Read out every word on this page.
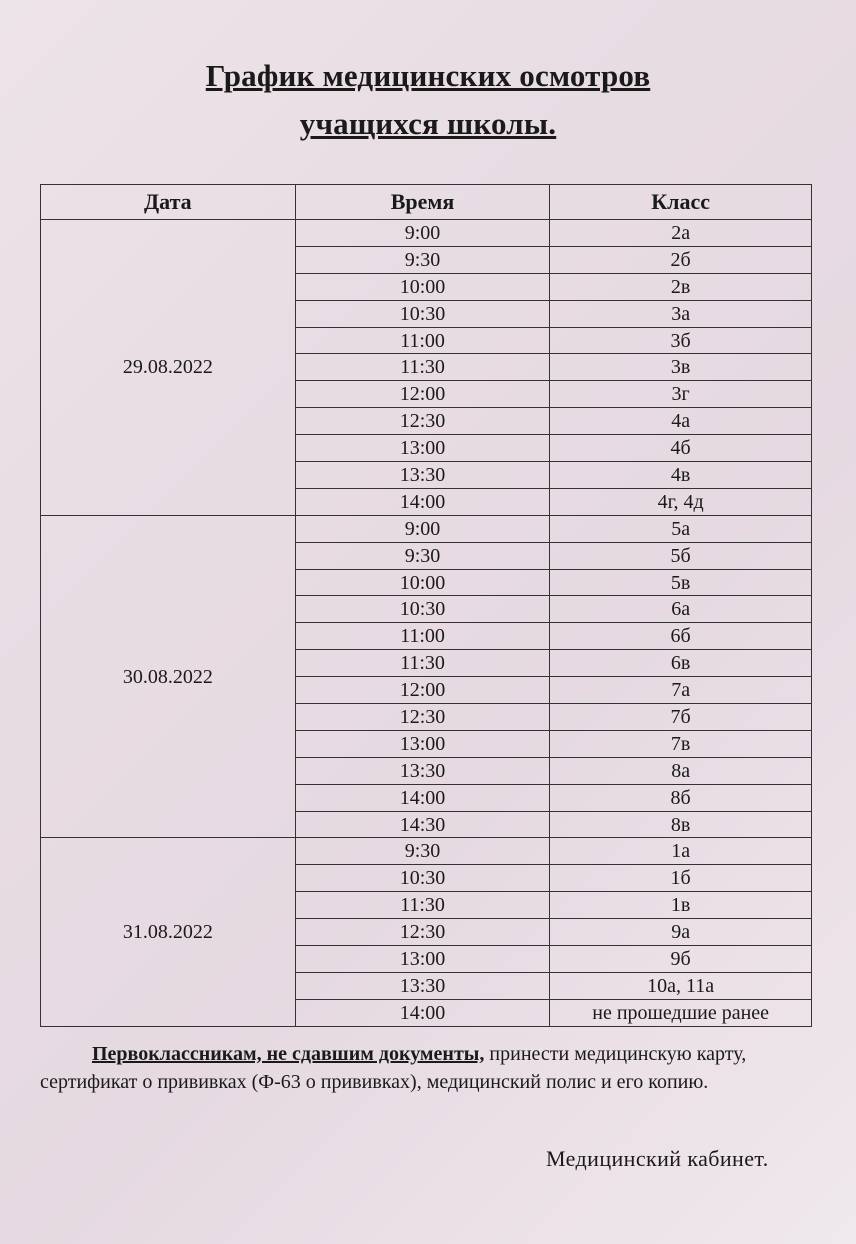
График медицинских осмотров
учащихся школы.
Дата	Время	Класс
29.08.2022	9:00	2а
	9:30	2б
	10:00	2в
	10:30	3а
	11:00	3б
	11:30	3в
	12:00	3г
	12:30	4а
	13:00	4б
	13:30	4в
	14:00	4г, 4д
30.08.2022	9:00	5а
	9:30	5б
	10:00	5в
	10:30	6а
	11:00	6б
	11:30	6в
	12:00	7а
	12:30	7б
	13:00	7в
	13:30	8а
	14:00	8б
	14:30	8в
31.08.2022	9:30	1а
	10:30	1б
	11:30	1в
	12:30	9а
	13:00	9б
	13:30	10а, 11а
	14:00	не прошедшие ранее
Первоклассникам, не сдавшим документы, принести медицинскую карту, сертификат о прививках (Ф-63 о прививках), медицинский полис и его копию.
Медицинский кабинет.
